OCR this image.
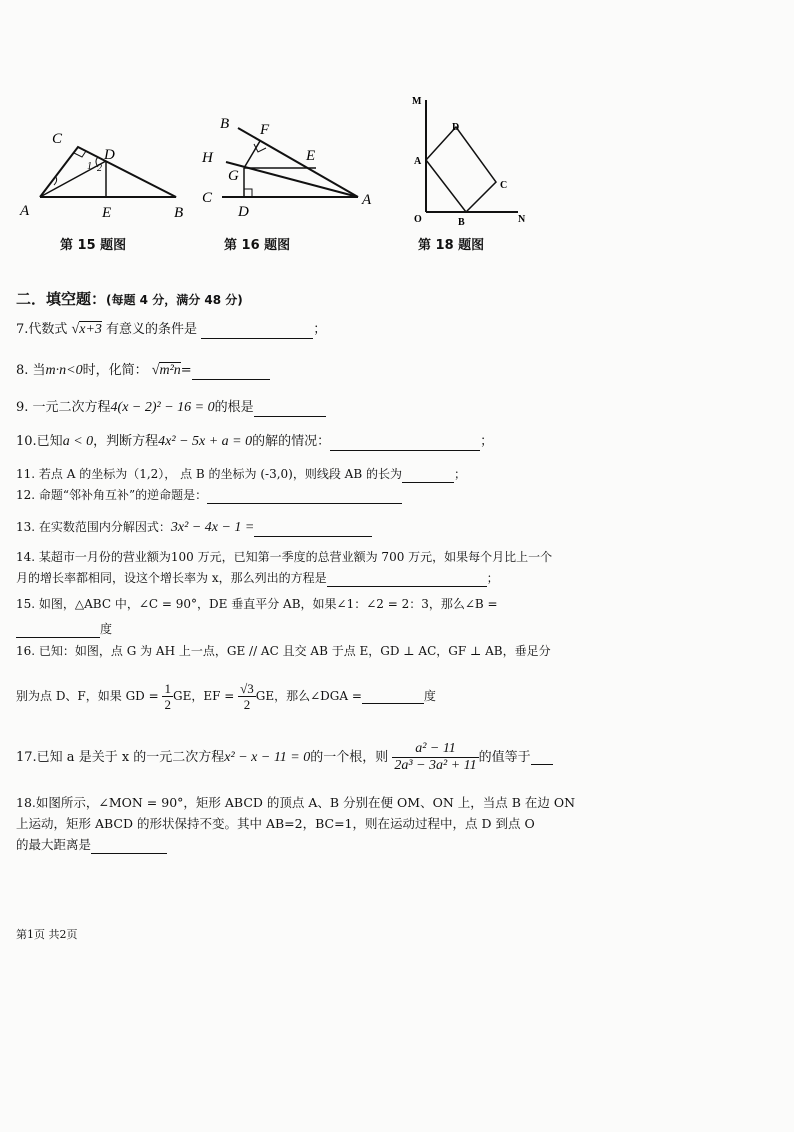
C
D
A	E	B
1 2
第 15 题图
B F
E
H
G
C
D
A
第 16 题图
M
D
A
C
O	B	N
第 18 题图
二．填空题：(每题 4 分，满分 48 分)
7.代数式 √x+3 有意义的条件是	；
8. 当m·n<0时，化简： √m²n=
9. 一元二次方程4(x − 2)² − 16 = 0的根是
10.已知a < 0，判断方程4x² − 5x + a = 0的解的情况：	；
11. 若点 A 的坐标为（1,2）， 点 B 的坐标为 (-3,0)，则线段 AB 的长为	；
12. 命题“邻补角互补”的逆命题是：
13. 在实数范围内分解因式：3x² − 4x − 1 =
14. 某超市一月份的营业额为100 万元，已知第一季度的总营业额为 700 万元，如果每个月比上一个
月的增长率都相同，设这个增长率为 x，那么列出的方程是	；
15. 如图，△ABC 中，∠C = 90°，DE 垂直平分 AB，如果∠1：∠2 = 2：3，那么∠B =
度
16. 已知：如图，点 G 为 AH 上一点，GE // AC 且交 AB 于点 E，GD ⊥ AC，GF ⊥ AB，垂足分
别为点 D、F，如果 GD = $\frac{1}{2}$ GE，EF = $\frac{√3}{2}$ GE，那么∠DGA =	度
17.已知 a 是关于 x 的一元二次方程x² − x − 11 = 0的一个根，则 $\frac{\text{a² − 11}}{\text{2a³ − 3a² + 11}}$ 的值等于
18.如图所示，∠MON = 90°，矩形 ABCD 的顶点 A、B 分别在便 OM、ON 上，当点 B 在边 ON
上运动，矩形 ABCD 的形状保持不变。其中 AB=2，BC=1，则在运动过程中，点 D 到点 O
的最大距离是
第1页 共2页
